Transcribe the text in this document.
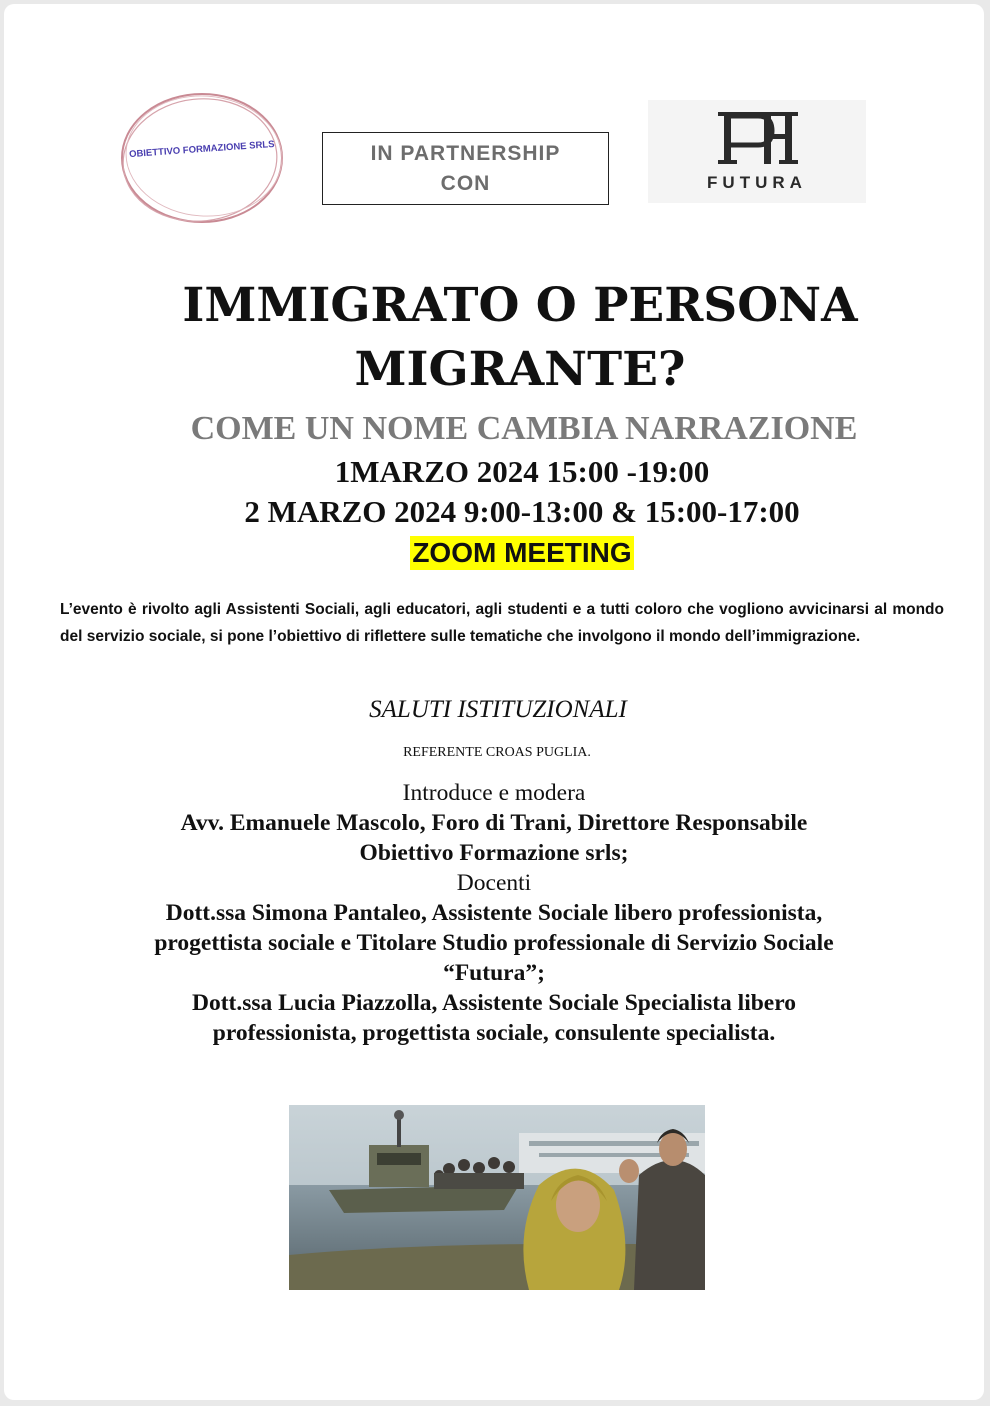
OBIETTIVO FORMAZIONE SRLS	IN PARTNERSHIP
CON	FUTURA
IMMIGRATO O PERSONA
MIGRANTE?
COME UN NOME CAMBIA NARRAZIONE
1MARZO 2024 15:00 -19:00
2 MARZO 2024 9:00-13:00 & 15:00-17:00
ZOOM MEETING
L’evento è rivolto agli Assistenti Sociali, agli educatori, agli studenti e a tutti coloro che vogliono avvicinarsi al mondo del servizio sociale, si pone l’obiettivo di riflettere sulle tematiche che involgono il mondo dell’immigrazione.
SALUTI ISTITUZIONALI
REFERENTE CROAS PUGLIA.
Introduce e modera
Avv. Emanuele Mascolo, Foro di Trani, Direttore Responsabile
Obiettivo Formazione srls;
Docenti
Dott.ssa Simona Pantaleo, Assistente Sociale libero professionista,
progettista sociale e Titolare Studio professionale di Servizio Sociale
“Futura”;
Dott.ssa Lucia Piazzolla, Assistente Sociale Specialista libero
professionista, progettista sociale, consulente specialista.
